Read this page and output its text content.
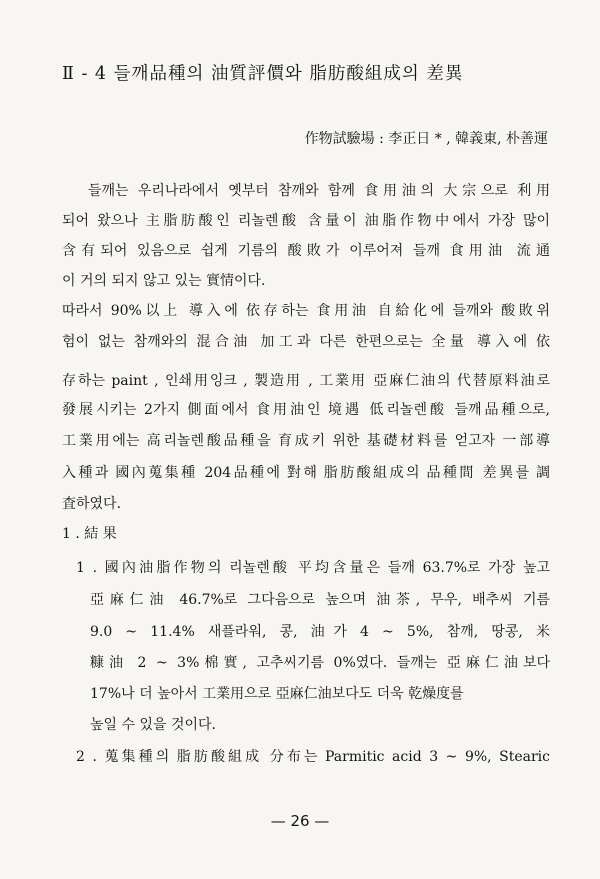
Ⅱ - 4 들깨品種의 油質評價와 脂肪酸組成의 差異
作物試驗場 : 李正日 * , 韓義東, 朴善運
들깨는 우리나라에서 옛부터 참깨와 함께 食用油의 大宗으로 利用
되어 왔으나 主脂肪酸인 리놀렌酸 含量이 油脂作物中에서 가장 많이
含有되어 있음으로 쉽게 기름의 酸敗가 이루어져 들깨 食用油 流通
이 거의 되지 않고 있는 實情이다.
따라서 90%以上 導入에 依存하는 食用油 自給化에 들깨와 酸敗위
험이 없는 참깨와의 混合油 加工과 다른 한편으로는 全量 導入에 依
存하는 paint , 인쇄用잉크 , 製造用 , 工業用 亞麻仁油의 代替原料油로
發展시키는 2가지 側面에서 食用油인 境遇 低리놀렌酸 들깨品種으로,
工業用에는 高리놀렌酸品種을 育成키 위한 基礎材料를 얻고자 一部導
入種과 國內蒐集種 204品種에 對해 脂肪酸組成의 品種間 差異를 調
査하였다.
1 . 結 果
1 . 國內油脂作物의 리놀렌酸 平均含量은 들깨 63.7%로 가장 높고
亞麻仁油 46.7%로 그다음으로 높으며 油茶, 무우, 배추씨 기름
9.0 ~ 11.4% 새플라워, 콩, 油가 4 ~ 5%, 참깨, 땅콩, 米
糠油 2 ~ 3%棉實, 고추씨기름 0%였다. 들깨는 亞麻仁油보다
17%나 더 높아서 工業用으로 亞麻仁油보다도 더욱 乾燥度를
높일 수 있을 것이다.
2 . 蒐集種의 脂肪酸組成 分布는 Parmitic acid 3 ~ 9%, Stearic
— 26 —
